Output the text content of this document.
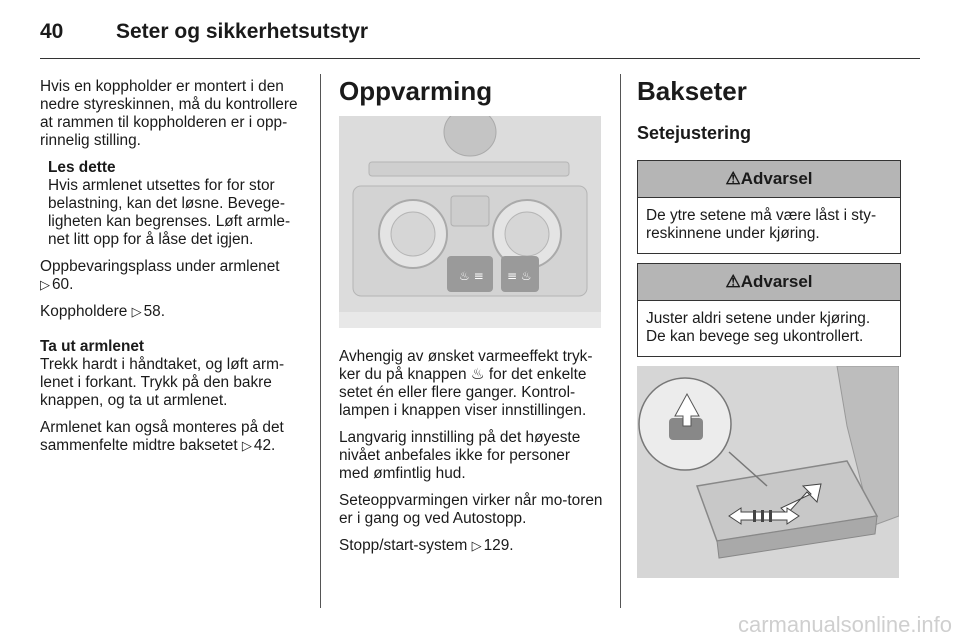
40	Seter og sikkerhetsutstyr

Hvis en koppholder er montert i den nedre styreskinnen, må du kontrollere at rammen til koppholderen er i opp-rinnelig stilling.

Les dette

Hvis armlenet utsettes for for stor belastning, kan det løsne. Bevege-ligheten kan begrenses. Løft armle-net litt opp for å låse det igjen.

Oppbevaringsplass under armlenet
▷ 60.

Koppholdere ▷ 58.

Ta ut armlenet

Trekk hardt i håndtaket, og løft arm-lenet i forkant. Trykk på den bakre knappen, og ta ut armlenet.

Armlenet kan også monteres på det sammenfelte midtre baksetet ▷ 42.

Oppvarming
♨ ≡ ≡ ♨

Avhengig av ønsket varmeeffekt tryk-ker du på knappen ♨ for det enkelte setet én eller flere ganger. Kontrol-lampen i knappen viser innstillingen.

Langvarig innstilling på det høyeste nivået anbefales ikke for personer med ømfintlig hud.

Seteoppvarmingen virker når mo-toren er i gang og ved Autostopp.

Stopp/start-system ▷ 129.

Bakseter
Setejustering
⚠Advarsel
De ytre setene må være låst i sty-reskinnene under kjøring.
⚠Advarsel
Juster aldri setene under kjøring. De kan bevege seg ukontrollert.
carmanualsonline.info
